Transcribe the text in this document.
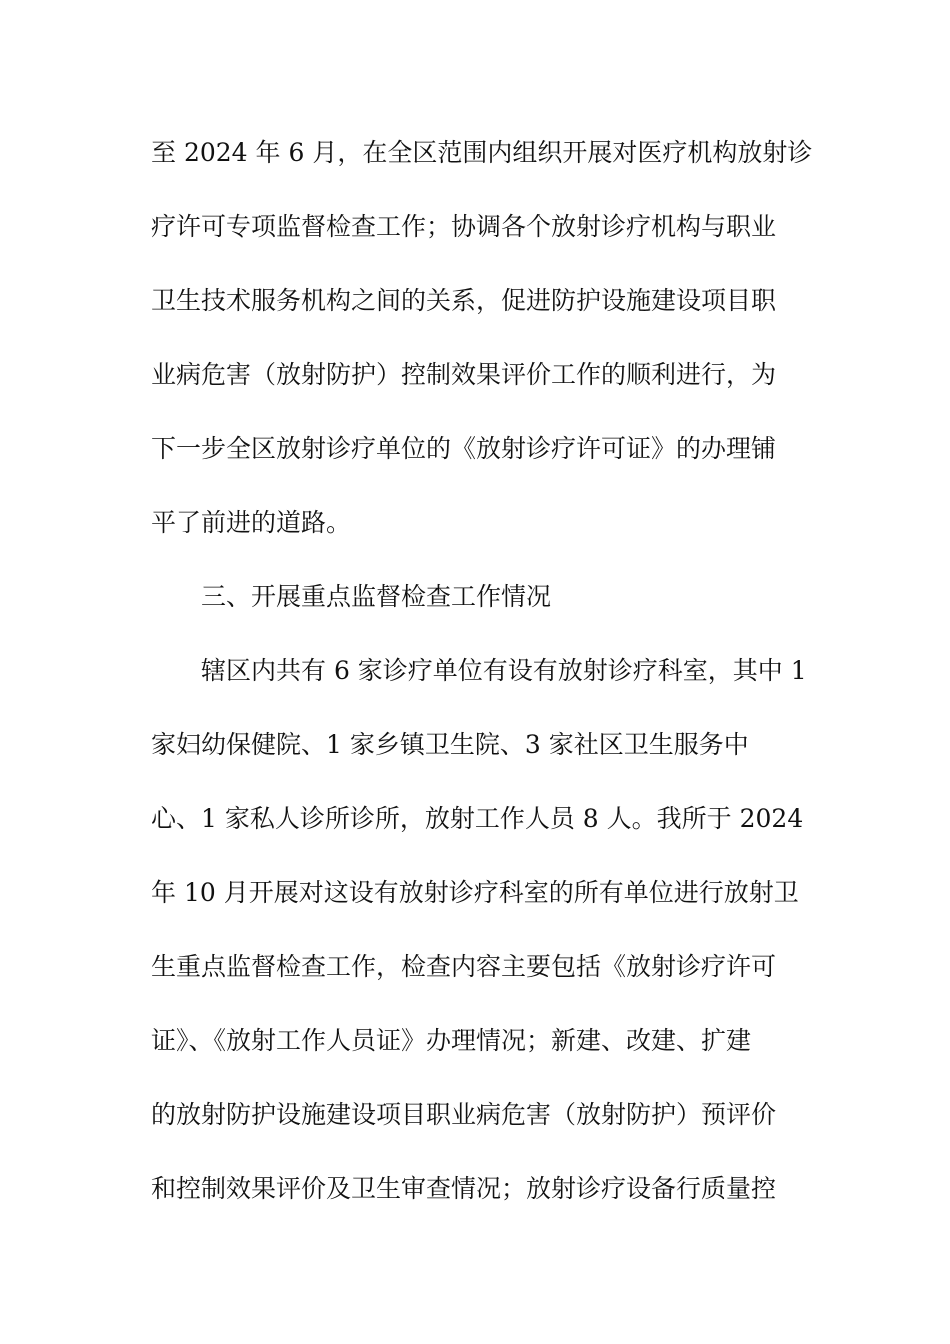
至 2024 年 6 月，在全区范围内组织开展对医疗机构放射诊
疗许可专项监督检查工作；协调各个放射诊疗机构与职业
卫生技术服务机构之间的关系，促进防护设施建设项目职
业病危害（放射防护）控制效果评价工作的顺利进行，为
下一步全区放射诊疗单位的《放射诊疗许可证》的办理铺
平了前进的道路。
三、开展重点监督检查工作情况
辖区内共有 6 家诊疗单位有设有放射诊疗科室，其中 1
家妇幼保健院、1 家乡镇卫生院、3 家社区卫生服务中
心、1 家私人诊所诊所，放射工作人员 8 人。我所于 2024
年 10 月开展对这设有放射诊疗科室的所有单位进行放射卫
生重点监督检查工作，检查内容主要包括《放射诊疗许可
证》、《放射工作人员证》办理情况；新建、改建、扩建
的放射防护设施建设项目职业病危害（放射防护）预评价
和控制效果评价及卫生审查情况；放射诊疗设备行质量控
